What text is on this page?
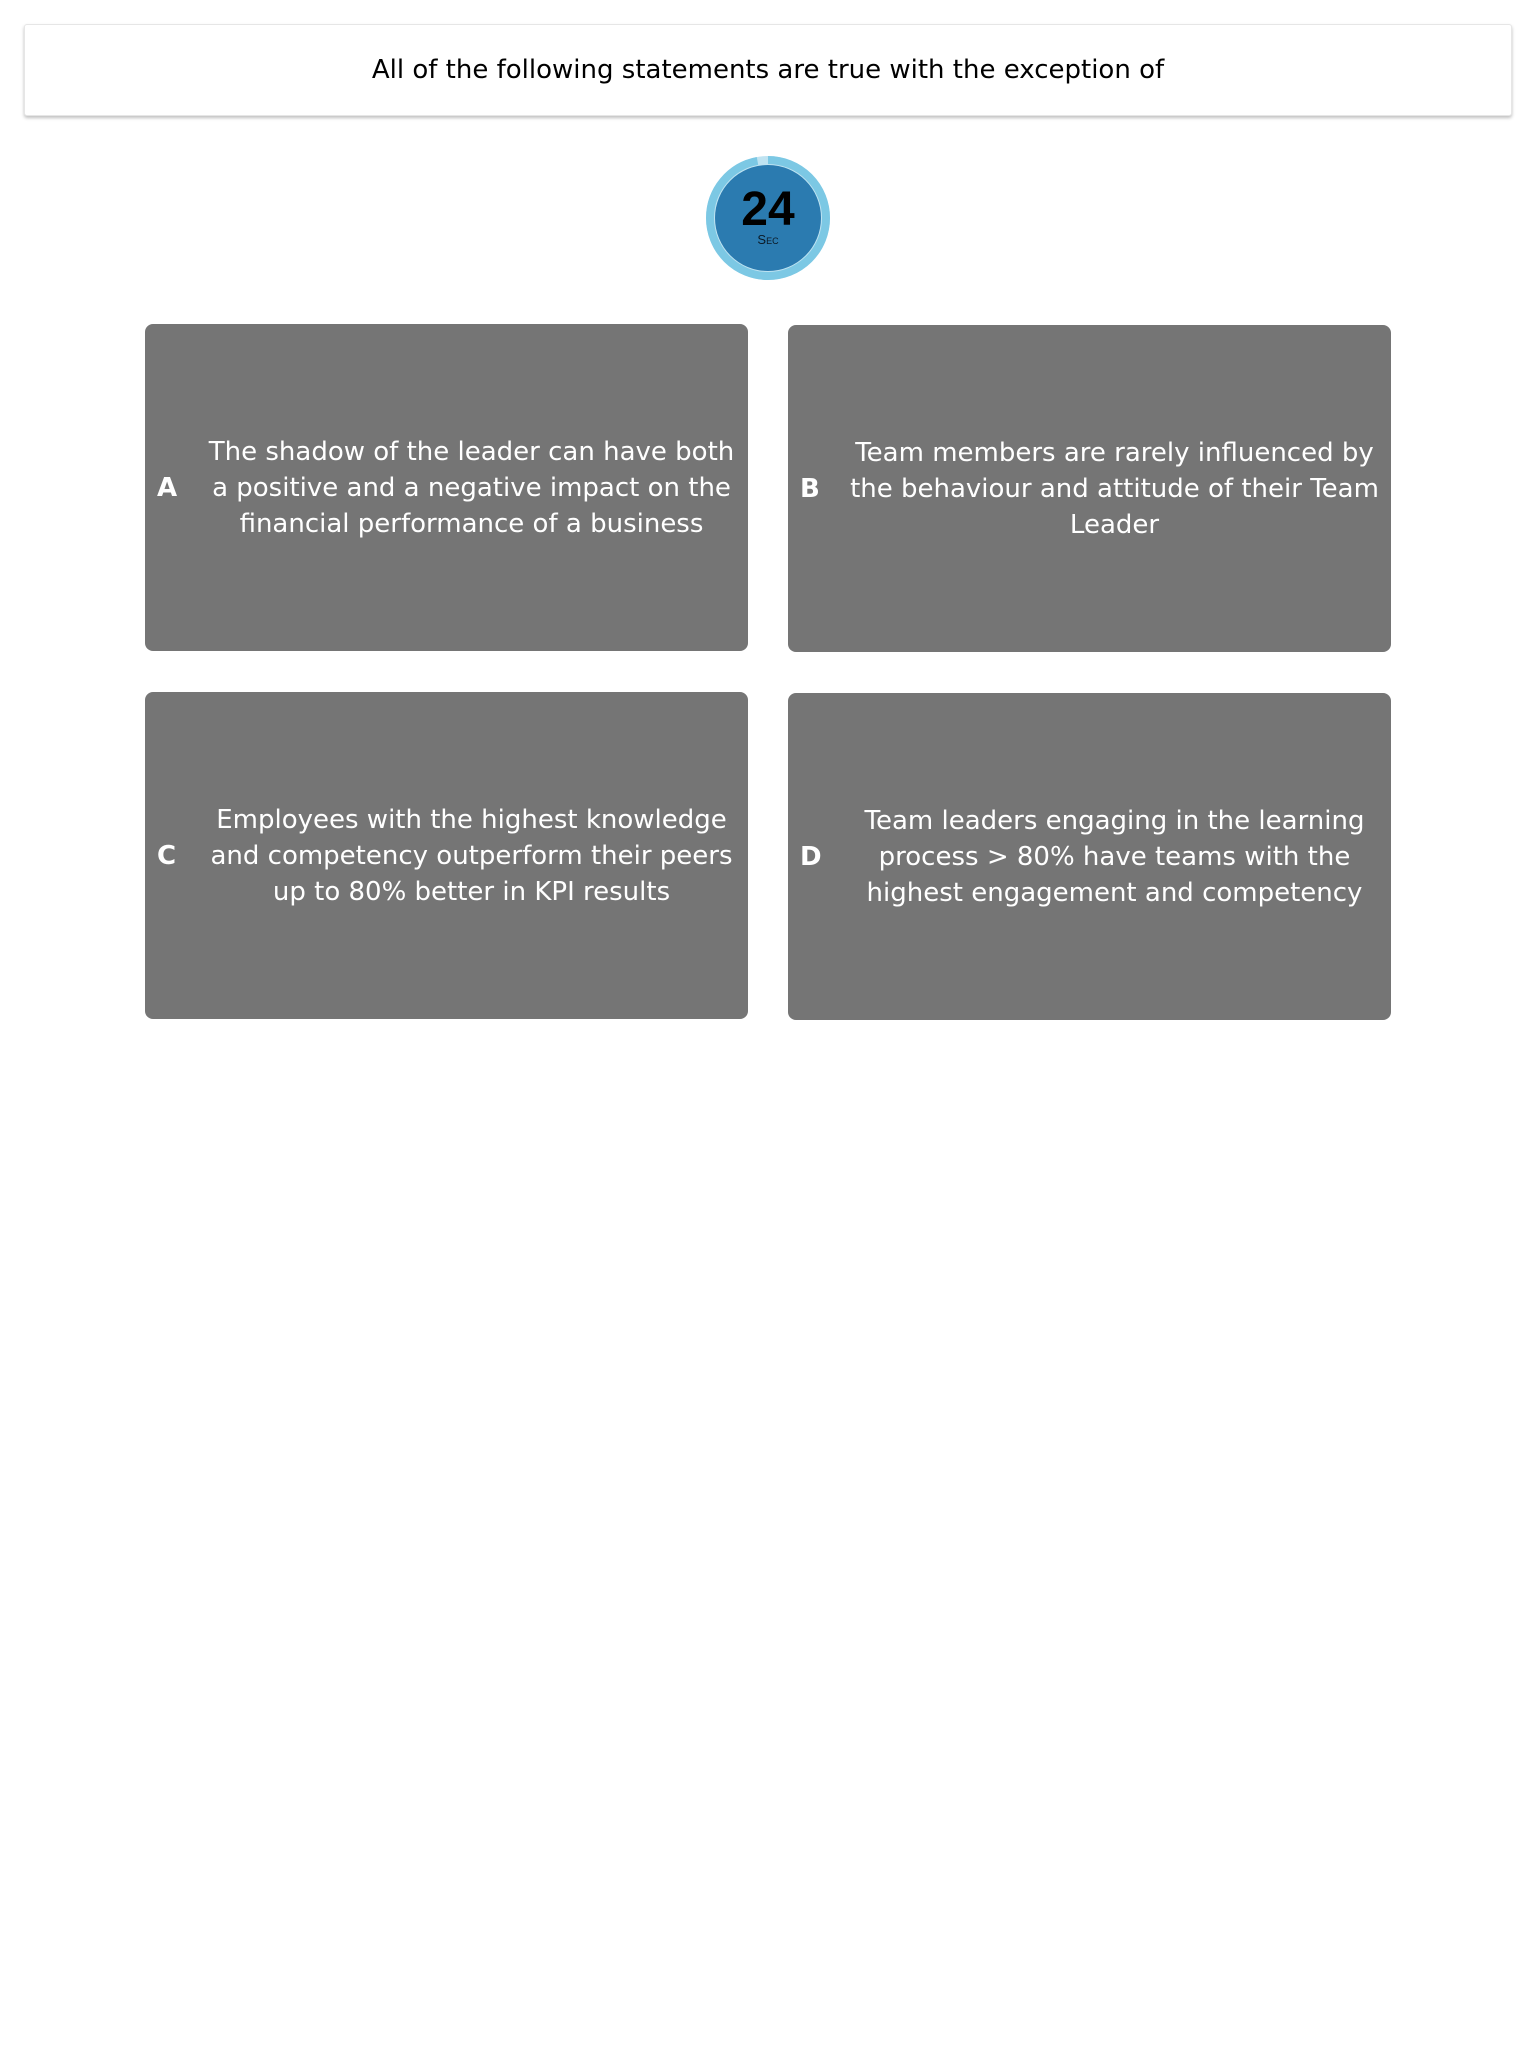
All of the following statements are true with the exception of
24
Sec
A
The shadow of the leader can have both a positive and a negative impact on the financial performance of a business
B
Team members are rarely influenced by the behaviour and attitude of their Team Leader
C
Employees with the highest knowledge and competency outperform their peers up to 80% better in KPI results
D
Team leaders engaging in the learning process > 80% have teams with the highest engagement and competency
